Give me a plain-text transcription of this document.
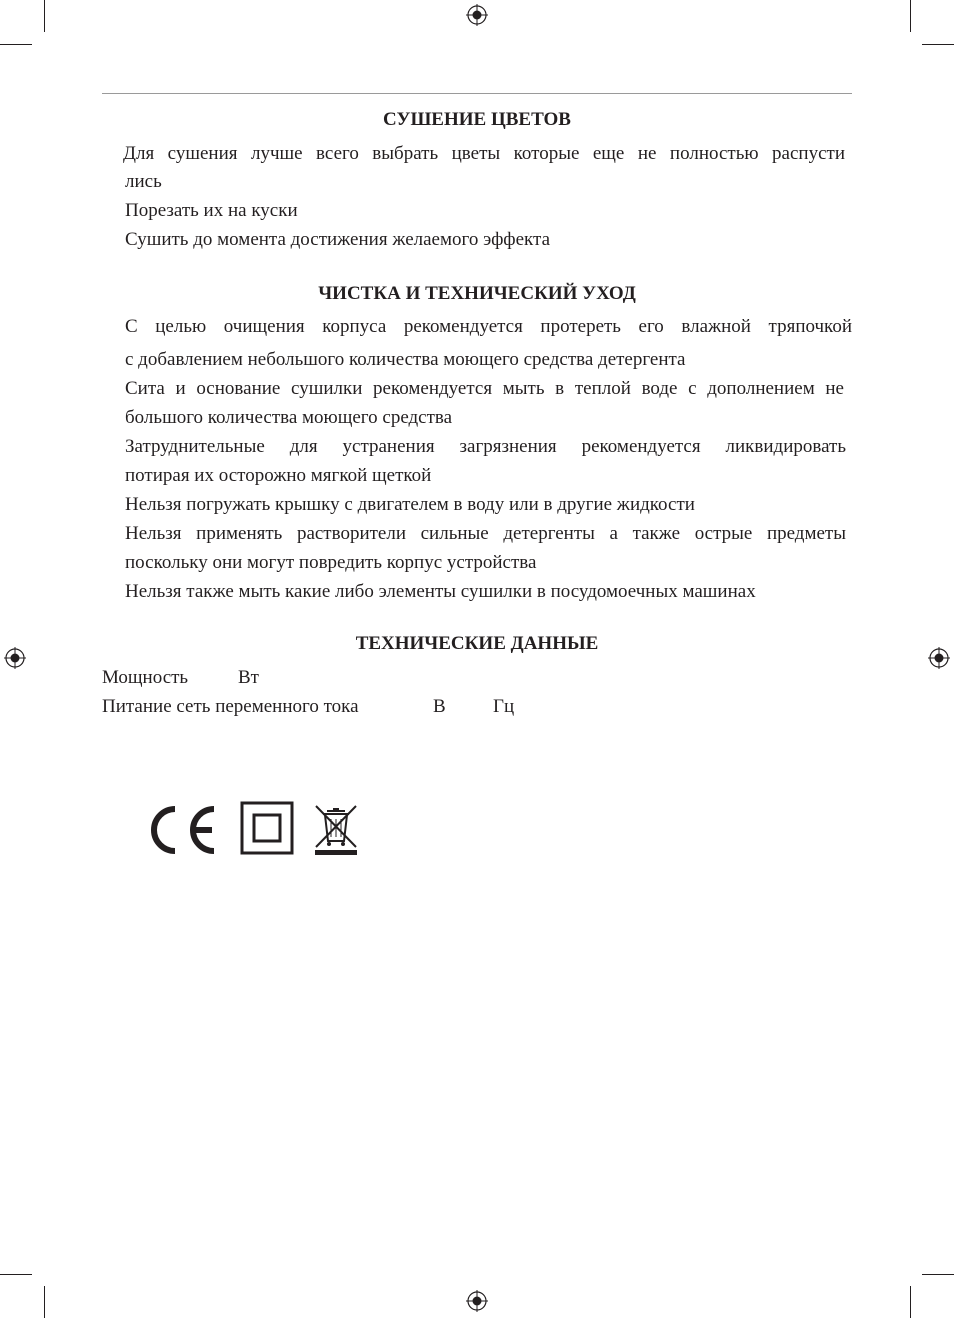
СУШЕНИЕ ЦВЕТОВ

Для сушения лучше всего выбрать цветы которые еще не полностью распусти

лись

Порезать их на куски

Сушить до момента достижения желаемого эффекта

ЧИСТКА И ТЕХНИЧЕСКИЙ УХОД

С целью очищения корпуса рекомендуется протереть его влажной тряпочкой

с добавлением небольшого количества моющего средства детергента

Сита и основание сушилки рекомендуется мыть в теплой воде с дополнением не

большого количества моющего средства

Затруднительные для устранения загрязнения рекомендуется ликвидировать

потирая их осторожно мягкой щеткой

Нельзя погружать крышку с двигателем в воду или в другие жидкости

Нельзя применять растворители сильные детергенты а также острые предметы

поскольку они могут повредить корпус устройства

Нельзя также мыть какие либо элементы сушилки в посудомоечных машинах

ТЕХНИЧЕСКИЕ ДАННЫЕ

Мощность	Вт

Питание сеть переменного тока	В Гц
